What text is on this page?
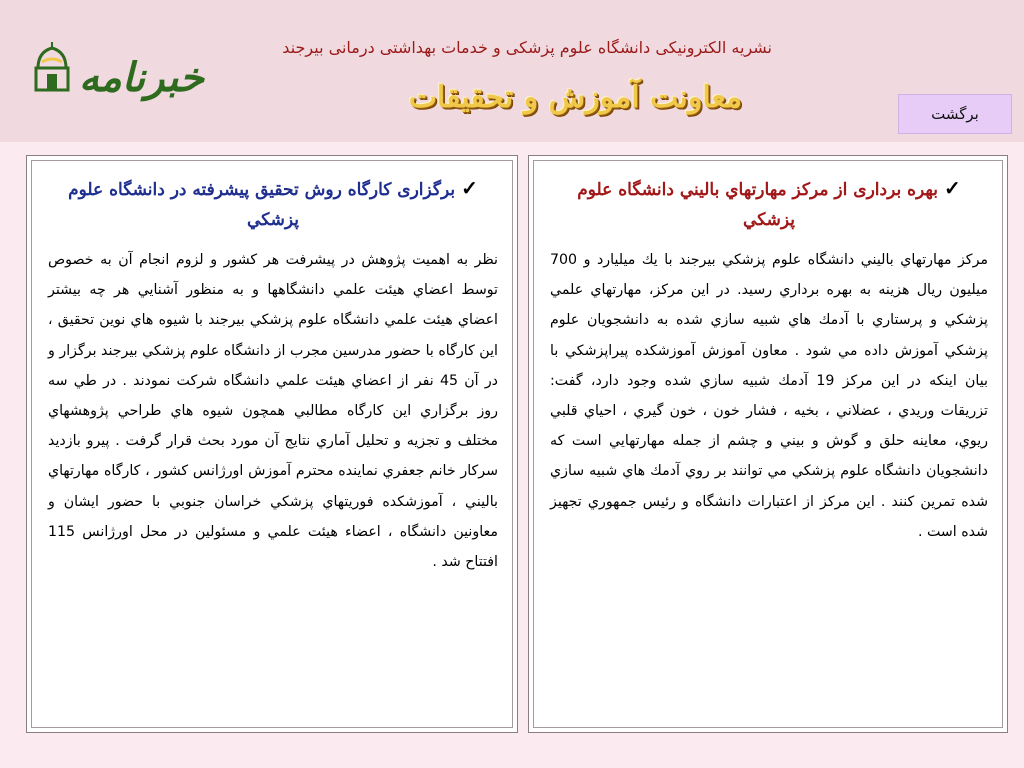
خبرنامه
نشريه الكترونيكی دانشگاه علوم پزشكی و خدمات بهداشتی درمانی بيرجند
معاونت آموزش و تحقيقات	برگشت
✓برگزاری كارگاه روش تحقيق پيشرفته در دانشگاه علوم پزشكي

نظر به اهميت پژوهش در پيشرفت هر كشور و لزوم انجام آن به خصوص توسط اعضاي هيئت علمي دانشگاهها و به منظور آشنايي هر چه بيشتر اعضاي هيئت علمي دانشگاه علوم پزشكي بيرجند با شيوه هاي نوين تحقيق ، اين كارگاه با حضور مدرسين مجرب از دانشگاه علوم پزشكي بيرجند برگزار و در آن 45 نفر از اعضاي هيئت علمي دانشگاه شركت نمودند . در طي سه روز برگزاري اين كارگاه مطالبي همچون شيوه هاي طراحي پژوهشهاي مختلف و تجزيه و تحليل آماري نتايج آن مورد بحث قرار گرفت . پيرو بازديد سركار خانم جعفري نماينده محترم آموزش اورژانس كشور ، كارگاه مهارتهاي باليني ، آموزشكده فوريتهاي پزشكي خراسان جنوبي با حضور ايشان و معاونين دانشگاه ، اعضاء هيئت علمي و مسئولين در محل اورژانس 115 افتتاح شد .

✓بهره برداری از مركز مهارتهاي باليني دانشگاه علوم پزشكي

مركز مهارتهاي باليني دانشگاه علوم پزشكي بيرجند با يك ميليارد و 700 ميليون ريال هزينه به بهره برداري رسيد. در اين مركز، مهارتهاي علمي پزشكي و پرستاري با آدمك هاي شبيه سازي شده به دانشجويان علوم پزشكي آموزش داده مي شود . معاون آموزش آموزشكده پيراپزشكي با بيان اينكه در اين مركز 19 آدمك شبيه سازي شده وجود دارد، گفت: تزريقات وريدي ، عضلاني ، بخيه ، فشار خون ، خون گيري ، احياي قلبي ريوي، معاينه حلق و گوش و بيني و چشم از جمله مهارتهايي است كه دانشجويان دانشگاه علوم پزشكي مي توانند بر روي آدمك هاي شبيه سازي شده تمرين كنند . اين مركز از اعتبارات دانشگاه و رئيس جمهوري تجهيز شده است .
